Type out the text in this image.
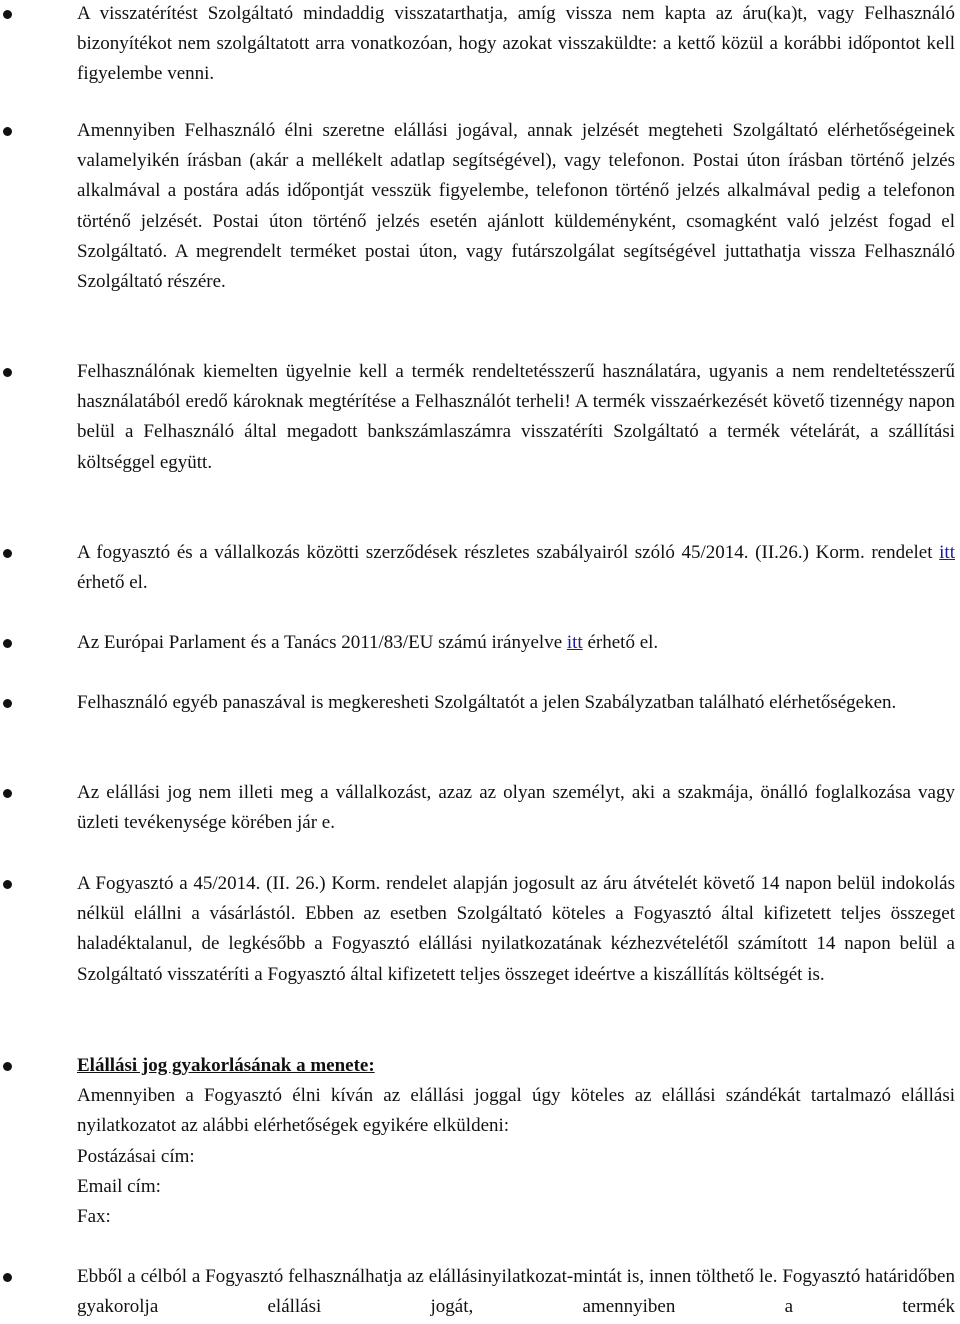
A visszatérítést Szolgáltató mindaddig visszatarthatja, amíg vissza nem kapta az áru(ka)t, vagy Felhasználó bizonyítékot nem szolgáltatott arra vonatkozóan, hogy azokat visszaküldte: a kettő közül a korábbi időpontot kell figyelembe venni.
Amennyiben Felhasználó élni szeretne elállási jogával, annak jelzését megteheti Szolgáltató elérhetőségeinek valamelyikén írásban (akár a mellékelt adatlap segítségével), vagy telefonon. Postai úton írásban történő jelzés alkalmával a postára adás időpontját vesszük figyelembe, telefonon történő jelzés alkalmával pedig a telefonon történő jelzését. Postai úton történő jelzés esetén ajánlott küldeményként, csomagként való jelzést fogad el Szolgáltató. A megrendelt terméket postai úton, vagy futárszolgálat segítségével juttathatja vissza Felhasználó Szolgáltató részére.
Felhasználónak kiemelten ügyelnie kell a termék rendeltetésszerű használatára, ugyanis a nem rendeltetésszerű használatából eredő károknak megtérítése a Felhasználót terheli! A termék visszaérkezését követő tizennégy napon belül a Felhasználó által megadott bankszámlaszámra visszatéríti Szolgáltató a termék vételárát, a szállítási költséggel együtt.
A fogyasztó és a vállalkozás közötti szerződések részletes szabályairól szóló 45/2014. (II.26.) Korm. rendelet itt érhető el.
Az Európai Parlament és a Tanács 2011/83/EU számú irányelve itt érhető el.
Felhasználó egyéb panaszával is megkeresheti Szolgáltatót a jelen Szabályzatban található elérhetőségeken.
Az elállási jog nem illeti meg a vállalkozást, azaz az olyan személyt, aki a szakmája, önálló foglalkozása vagy üzleti tevékenysége körében jár e.
A Fogyasztó a 45/2014. (II. 26.) Korm. rendelet alapján jogosult az áru átvételét követő 14 napon belül indokolás nélkül elállni a vásárlástól. Ebben az esetben Szolgáltató köteles a Fogyasztó által kifizetett teljes összeget haladéktalanul, de legkésőbb a Fogyasztó elállási nyilatkozatának kézhezvételétől számított 14 napon belül a Szolgáltató visszatéríti a Fogyasztó által kifizetett teljes összeget ideértve a kiszállítás költségét is.

Elállási jog gyakorlásának a menete:

Amennyiben a Fogyasztó élni kíván az elállási joggal úgy köteles az elállási szándékát tartalmazó elállási nyilatkozatot az alábbi elérhetőségek egyikére elküldeni:

Postázásai cím:

Email cím:

Fax:

Ebből a célból a Fogyasztó felhasználhatja az elállásinyilatkozat-mintát is, innen tölthető le. Fogyasztó határidőben gyakorolja elállási jogát, amennyiben a termék
